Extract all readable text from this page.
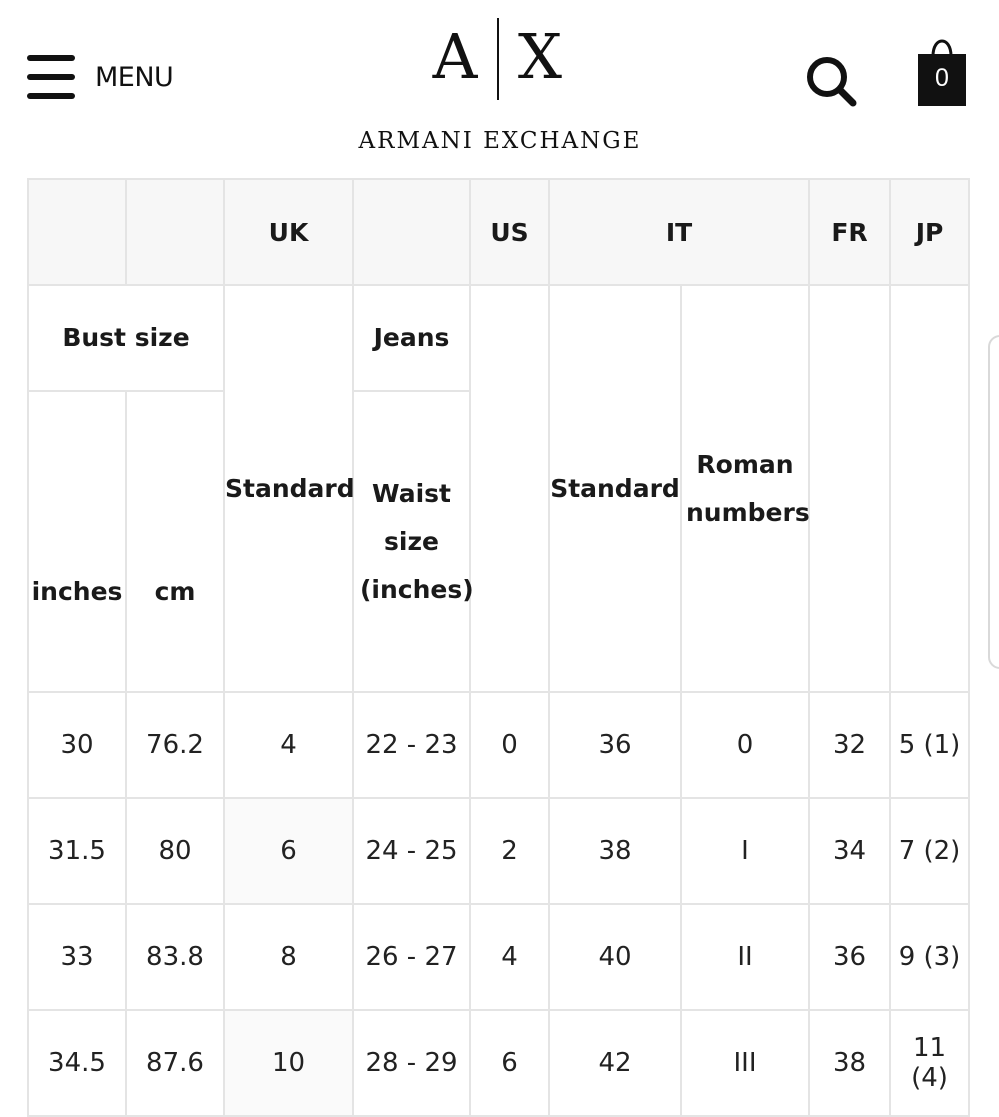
MENU	A X
ARMANI EXCHANGE
0
		UK		US	IT		FR	JP
Bust size		Standard	Jeans		Standard	Roman numbers		
inches	cm		Waist size (inches)					
30	76.2	4	22 - 23	0	36	0	32	5 (1)
31.5	80	6	24 - 25	2	38	I	34	7 (2)
33	83.8	8	26 - 27	4	40	II	36	9 (3)
34.5	87.6	10	28 - 29	6	42	III	38	11 (4)
